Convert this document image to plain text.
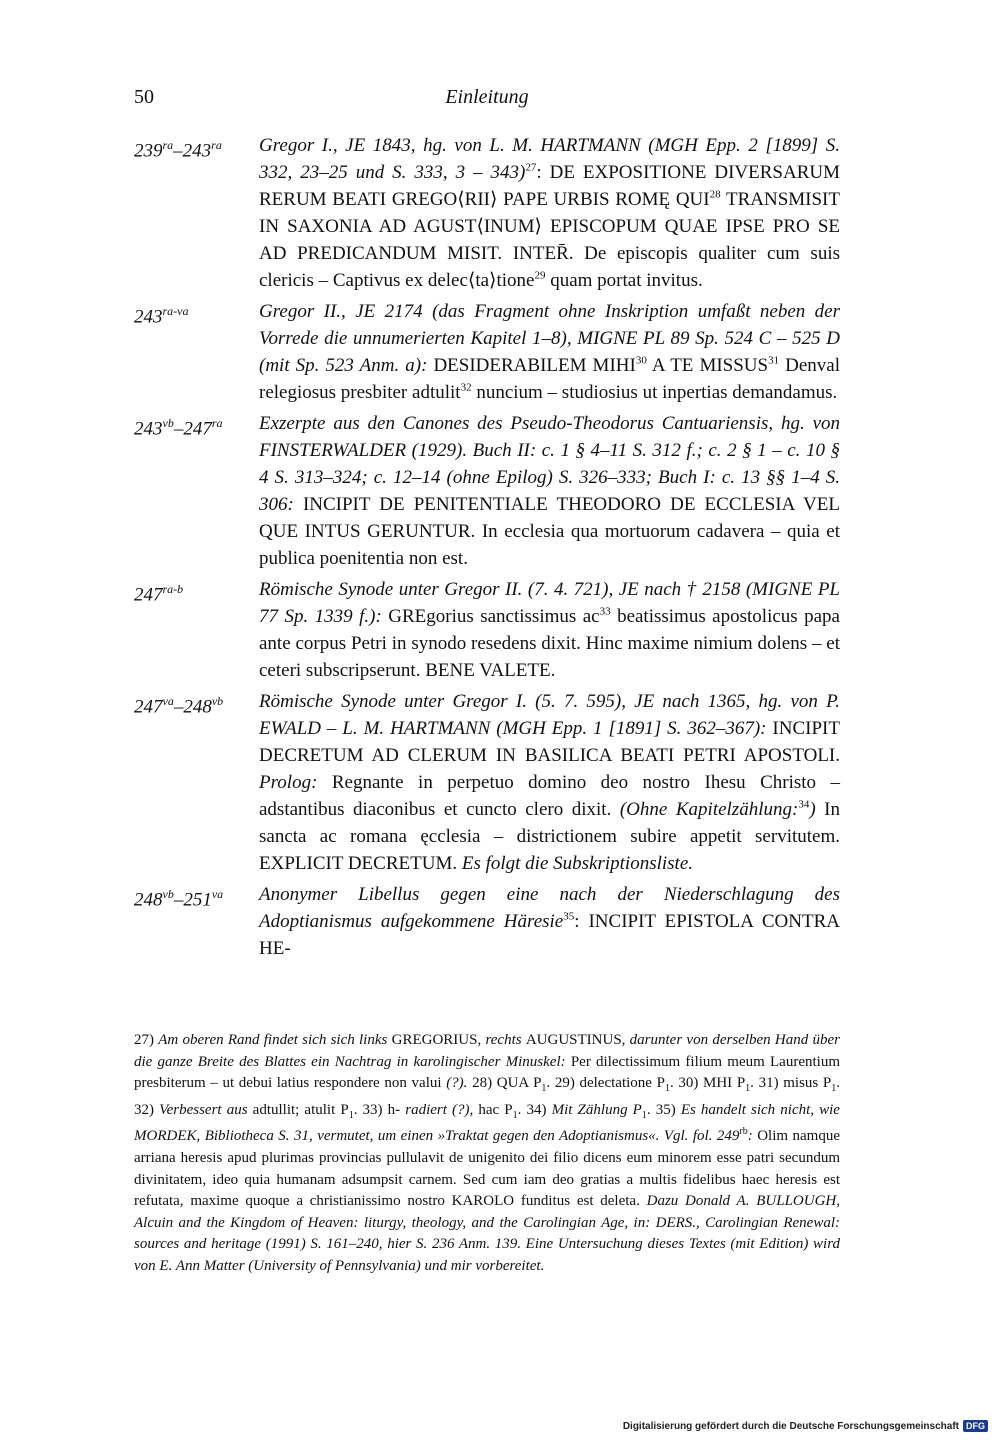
50	Einleitung
$239^{ra}-243^{ra}$ Gregor I., JE 1843, hg. von L. M. HARTMANN (MGH Epp. 2 [1899] S. 332, 23–25 und S. 333, 3 – 343)$^{27}$: DE EXPOSITIONE DIVERSARUM RERUM BEATI GREGO⟨RII⟩ PAPE URBIS ROMĘ QUI$^{28}$ TRANSMISIT IN SAXONIA AD AGUST⟨INUM⟩ EPISCOPUM QUAE IPSE PRO SE AD PREDICANDUM MISIT. INTER̄. De episcopis qualiter cum suis clericis – Captivus ex delec⟨ta⟩tione$^{29}$ quam portat invitus.
$243^{ra-va}$	Gregor II., JE 2174 (das Fragment ohne Inskription umfaßt neben der Vorrede die unnumerierten Kapitel 1–8), MIGNE PL 89 Sp. 524 C – 525 D (mit Sp. 523 Anm. a): DESIDERABILEM MIHI$^{30}$ A TE MISSUS$^{31}$ Denval relegiosus presbiter adtulit$^{32}$ nuncium – studiosius ut inpertias demandamus.
$243^{vb}-247^{ra}$ Exzerpte aus den Canones des Pseudo-Theodorus Cantuariensis, hg. von FINSTERWALDER (1929). Buch II: c. 1 § 4–11 S. 312 f.; c. 2 § 1 – c. 10 § 4 S. 313–324; c. 12–14 (ohne Epilog) S. 326–333; Buch I: c. 13 §§ 1–4 S. 306: INCIPIT DE PENITENTIALE THEODORO DE ECCLESIA VEL QUE INTUS GERUNTUR. In ecclesia qua mortuorum cadavera – quia et publica poenitentia non est.
$247^{ra-b}$	Römische Synode unter Gregor II. (7. 4. 721), JE nach † 2158 (MIGNE PL 77 Sp. 1339 f.): GREgorius sanctissimus $ac^{33}$ beatissimus apostolicus papa ante corpus Petri in synodo resedens dixit. Hinc maxime nimium dolens – et ceteri subscripserunt. BENE VALETE.
$247^{va}-248^{vb}$ Römische Synode unter Gregor I. (5. 7. 595), JE nach 1365, hg. von P. EWALD – L. M. HARTMANN (MGH Epp. 1 [1891] S. 362–367): INCIPIT DECRETUM AD CLERUM IN BASILICA BEATI PETRI APOSTOLI. Prolog: Regnante in perpetuo domino deo nostro Ihesu Christo – adstantibus diaconibus et cuncto clero dixit. (Ohne Kapitelzählung:$^{34}$) In sancta ac romana ęcclesia – districtionem subire appetit servitutem. EXPLICIT DECRETUM. Es folgt die Subskriptionsliste.
$248^{vb}-251^{va}$ Anonymer Libellus gegen eine nach der Niederschlagung des Adoptianismus aufgekommene Häresie$^{35}$: INCIPIT EPISTOLA CONTRA HE-

27) Am oberen Rand findet sich sich links GREGORIUS, rechts AUGUSTINUS, darunter von derselben Hand über die ganze Breite des Blattes ein Nachtrag in karolingischer Minuskel: Per dilectissimum filium meum Laurentium presbiterum – ut debui latius respondere non valui (?). 28) QUA $P_1$. 29) delectatione $P_1$. 30) MHI $P_1$. 31) misus $P_1$. 32) Verbessert aus adtullit; atulit $P_1$. 33) h- radiert (?), hac $P_1$. 34) Mit Zählung $P_1$. 35) Es handelt sich nicht, wie MORDEK, Bibliotheca S. 31, vermutet, um einen »Traktat gegen den Adoptianismus«. Vgl. fol. $249^{rb}$: Olim namque arriana heresis apud plurimas provincias pullulavit de unigenito dei filio dicens eum minorem esse patri secundum divinitatem, ideo quia humanam adsumpsit carnem. Sed cum iam deo gratias a multis fidelibus haec heresis est refutata, maxime quoque a christianissimo nostro KAROLO funditus est deleta. Dazu Donald A. BULLOUGH, Alcuin and the Kingdom of Heaven: liturgy, theology, and the Carolingian Age, in: DERS., Carolingian Renewal: sources and heritage (1991) S. 161–240, hier S. 236 Anm. 139. Eine Untersuchung dieses Textes (mit Edition) wird von E. Ann Matter (University of Pennsylvania) und mir vorbereitet.

Digitalisierung gefördert durch die Deutsche Forschungsgemeinschaft DFG
